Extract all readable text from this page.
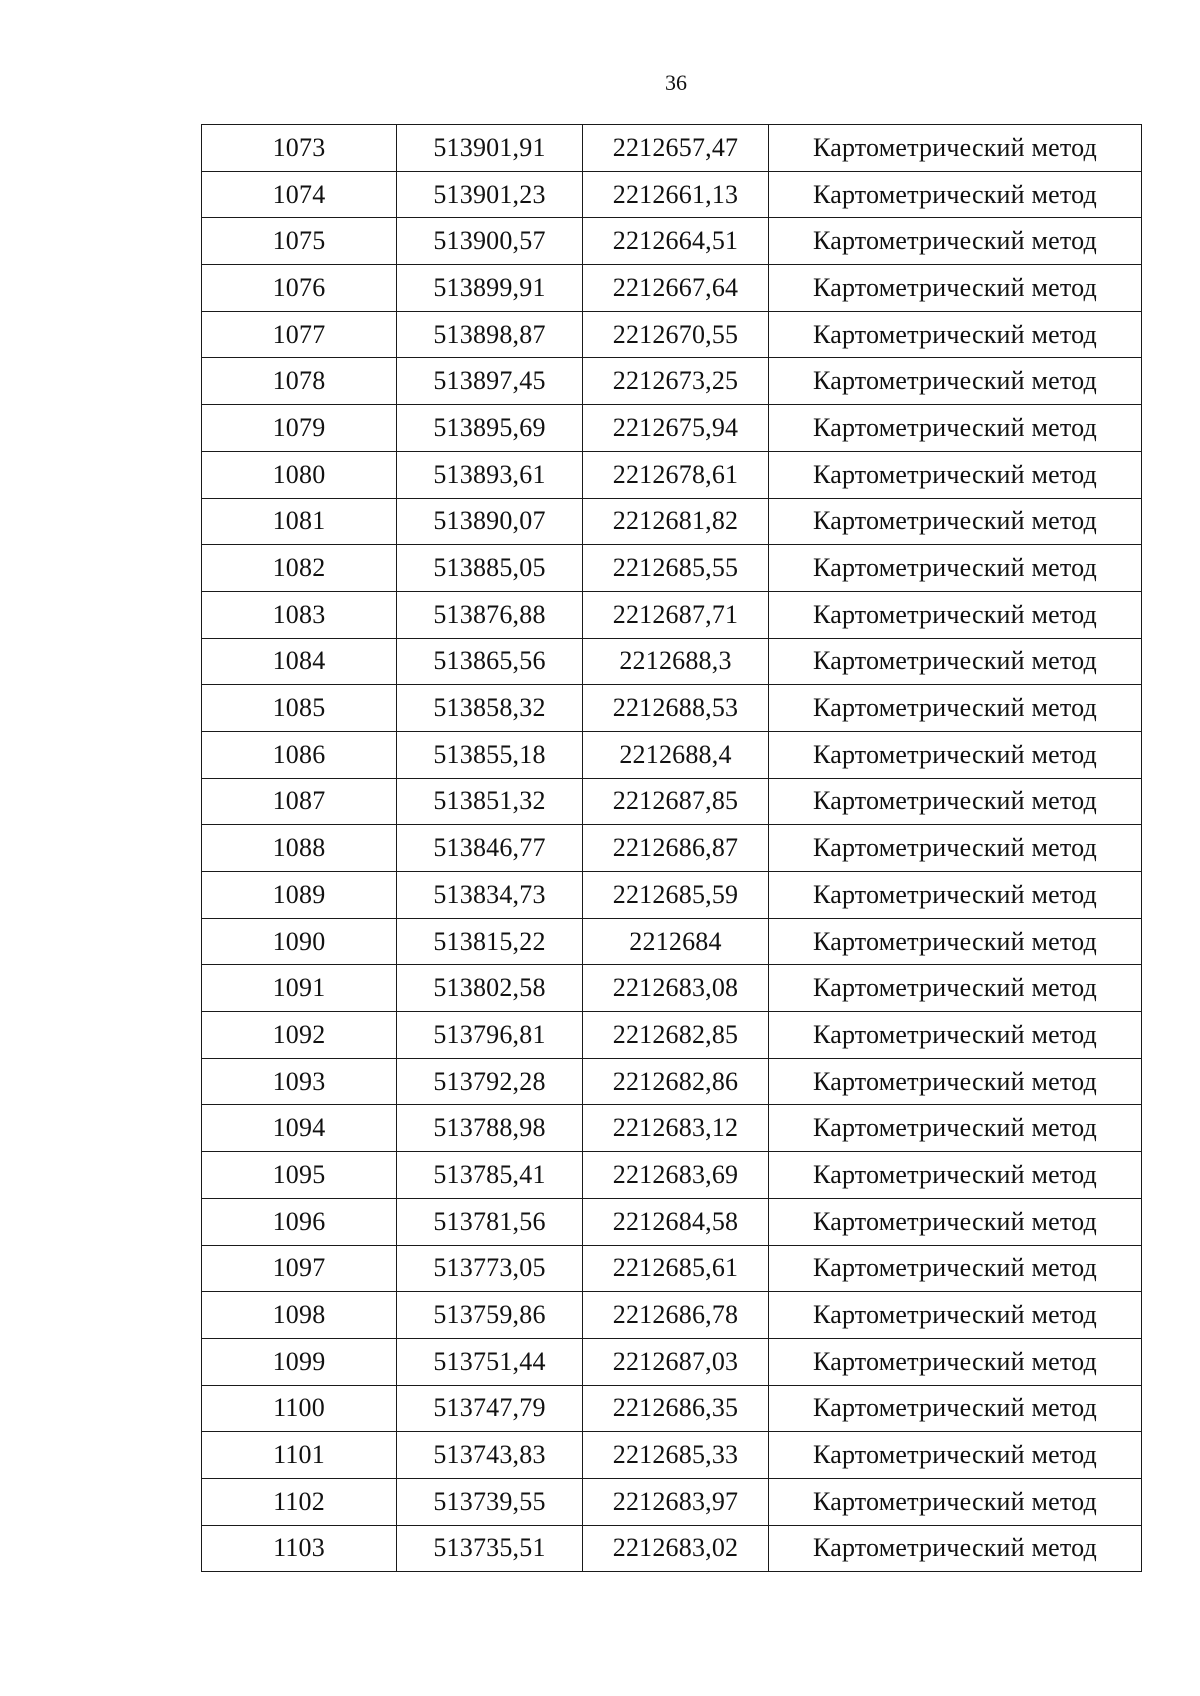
36
1073	513901,91	2212657,47	Картометрический метод
1074	513901,23	2212661,13	Картометрический метод
1075	513900,57	2212664,51	Картометрический метод
1076	513899,91	2212667,64	Картометрический метод
1077	513898,87	2212670,55	Картометрический метод
1078	513897,45	2212673,25	Картометрический метод
1079	513895,69	2212675,94	Картометрический метод
1080	513893,61	2212678,61	Картометрический метод
1081	513890,07	2212681,82	Картометрический метод
1082	513885,05	2212685,55	Картометрический метод
1083	513876,88	2212687,71	Картометрический метод
1084	513865,56	2212688,3	Картометрический метод
1085	513858,32	2212688,53	Картометрический метод
1086	513855,18	2212688,4	Картометрический метод
1087	513851,32	2212687,85	Картометрический метод
1088	513846,77	2212686,87	Картометрический метод
1089	513834,73	2212685,59	Картометрический метод
1090	513815,22	2212684	Картометрический метод
1091	513802,58	2212683,08	Картометрический метод
1092	513796,81	2212682,85	Картометрический метод
1093	513792,28	2212682,86	Картометрический метод
1094	513788,98	2212683,12	Картометрический метод
1095	513785,41	2212683,69	Картометрический метод
1096	513781,56	2212684,58	Картометрический метод
1097	513773,05	2212685,61	Картометрический метод
1098	513759,86	2212686,78	Картометрический метод
1099	513751,44	2212687,03	Картометрический метод
1100	513747,79	2212686,35	Картометрический метод
1101	513743,83	2212685,33	Картометрический метод
1102	513739,55	2212683,97	Картометрический метод
1103	513735,51	2212683,02	Картометрический метод
